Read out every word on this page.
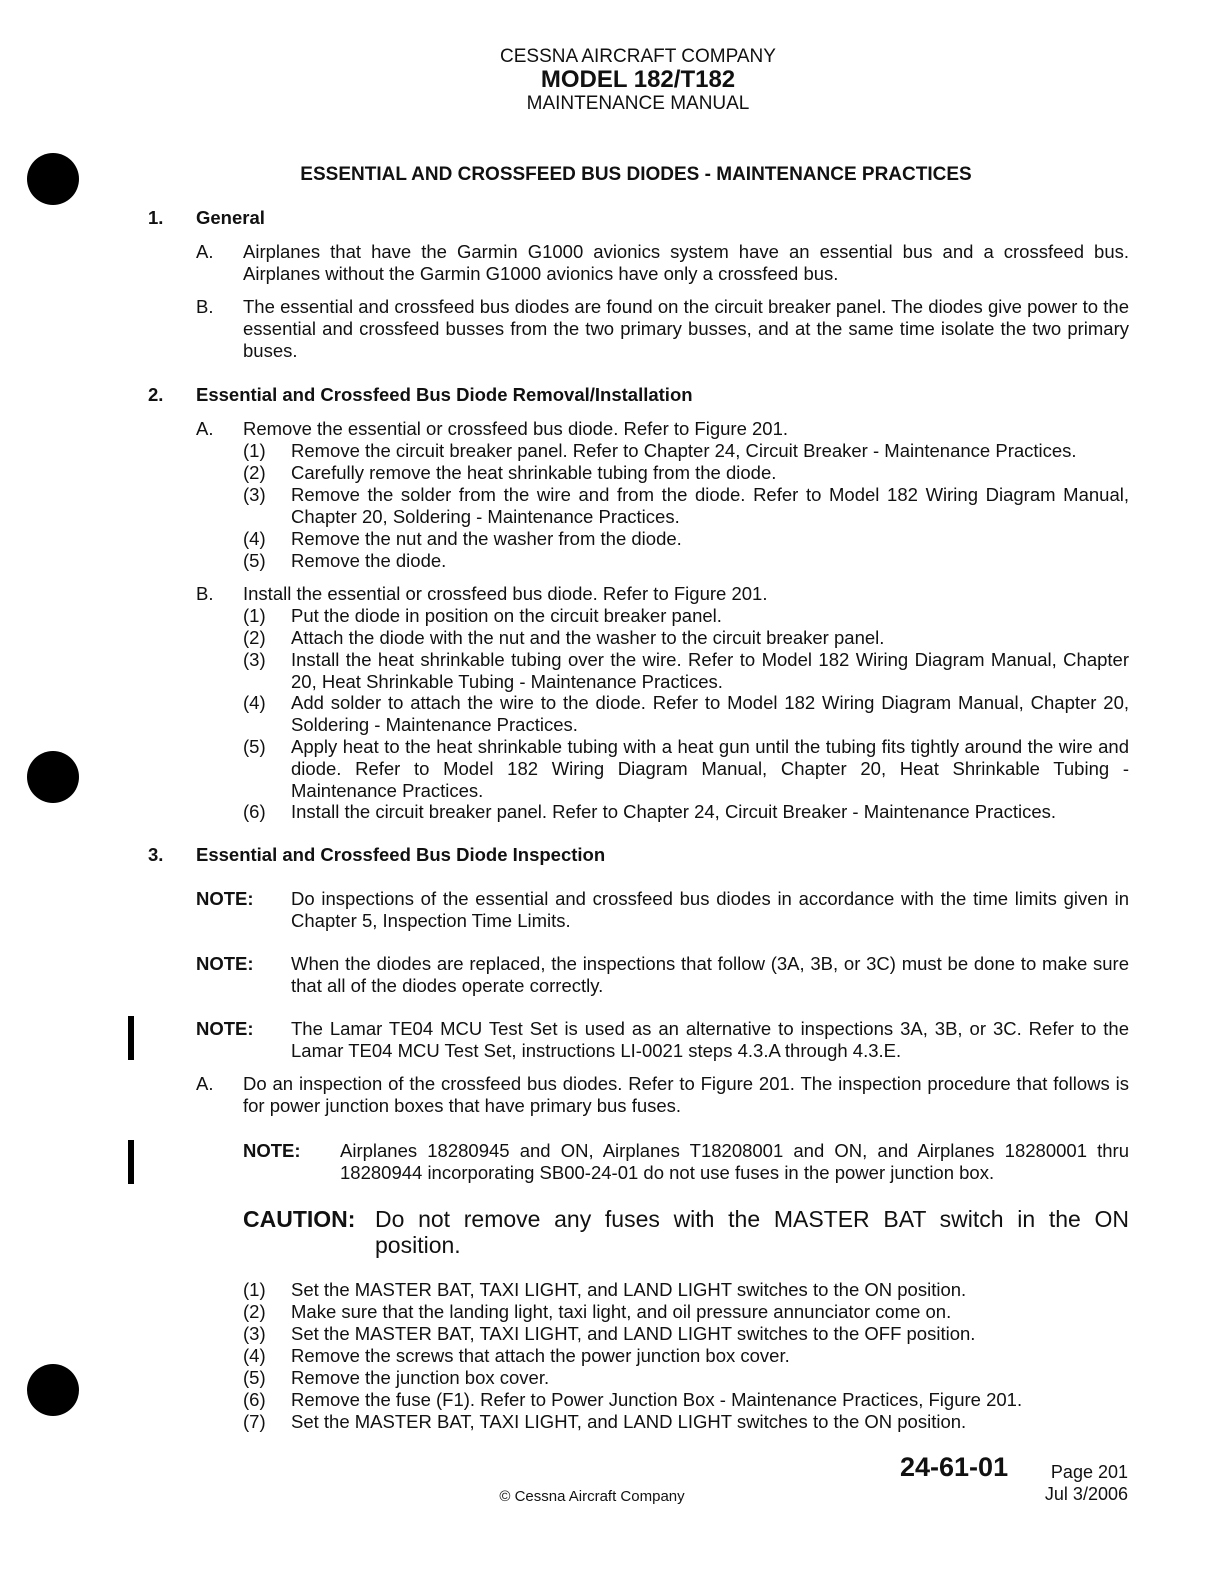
CESSNA AIRCRAFT COMPANY
MODEL 182/T182
MAINTENANCE MANUAL
ESSENTIAL AND CROSSFEED BUS DIODES - MAINTENANCE PRACTICES
1. General
A. Airplanes that have the Garmin G1000 avionics system have an essential bus and a crossfeed bus. Airplanes without the Garmin G1000 avionics have only a crossfeed bus.
B. The essential and crossfeed bus diodes are found on the circuit breaker panel. The diodes give power to the essential and crossfeed busses from the two primary busses, and at the same time isolate the two primary buses.
2. Essential and Crossfeed Bus Diode Removal/Installation
A. Remove the essential or crossfeed bus diode. Refer to Figure 201.
(1) Remove the circuit breaker panel. Refer to Chapter 24, Circuit Breaker - Maintenance Practices.
(2) Carefully remove the heat shrinkable tubing from the diode.
(3) Remove the solder from the wire and from the diode. Refer to Model 182 Wiring Diagram Manual, Chapter 20, Soldering - Maintenance Practices.
(4) Remove the nut and the washer from the diode.
(5) Remove the diode.
B. Install the essential or crossfeed bus diode. Refer to Figure 201.
(1) Put the diode in position on the circuit breaker panel.
(2) Attach the diode with the nut and the washer to the circuit breaker panel.
(3) Install the heat shrinkable tubing over the wire. Refer to Model 182 Wiring Diagram Manual, Chapter 20, Heat Shrinkable Tubing - Maintenance Practices.
(4) Add solder to attach the wire to the diode. Refer to Model 182 Wiring Diagram Manual, Chapter 20, Soldering - Maintenance Practices.
(5) Apply heat to the heat shrinkable tubing with a heat gun until the tubing fits tightly around the wire and diode. Refer to Model 182 Wiring Diagram Manual, Chapter 20, Heat Shrinkable Tubing - Maintenance Practices.
(6) Install the circuit breaker panel. Refer to Chapter 24, Circuit Breaker - Maintenance Practices.
3. Essential and Crossfeed Bus Diode Inspection
NOTE: Do inspections of the essential and crossfeed bus diodes in accordance with the time limits given in Chapter 5, Inspection Time Limits.
NOTE: When the diodes are replaced, the inspections that follow (3A, 3B, or 3C) must be done to make sure that all of the diodes operate correctly.
NOTE: The Lamar TE04 MCU Test Set is used as an alternative to inspections 3A, 3B, or 3C. Refer to the Lamar TE04 MCU Test Set, instructions LI-0021 steps 4.3.A through 4.3.E.
A. Do an inspection of the crossfeed bus diodes. Refer to Figure 201. The inspection procedure that follows is for power junction boxes that have primary bus fuses.
NOTE: Airplanes 18280945 and ON, Airplanes T18208001 and ON, and Airplanes 18280001 thru 18280944 incorporating SB00-24-01 do not use fuses in the power junction box.
CAUTION: Do not remove any fuses with the MASTER BAT switch in the ON position.
(1) Set the MASTER BAT, TAXI LIGHT, and LAND LIGHT switches to the ON position.
(2) Make sure that the landing light, taxi light, and oil pressure annunciator come on.
(3) Set the MASTER BAT, TAXI LIGHT, and LAND LIGHT switches to the OFF position.
(4) Remove the screws that attach the power junction box cover.
(5) Remove the junction box cover.
(6) Remove the fuse (F1). Refer to Power Junction Box - Maintenance Practices, Figure 201.
(7) Set the MASTER BAT, TAXI LIGHT, and LAND LIGHT switches to the ON position.
24-61-01	Page 201
Jul 3/2006
© Cessna Aircraft Company
